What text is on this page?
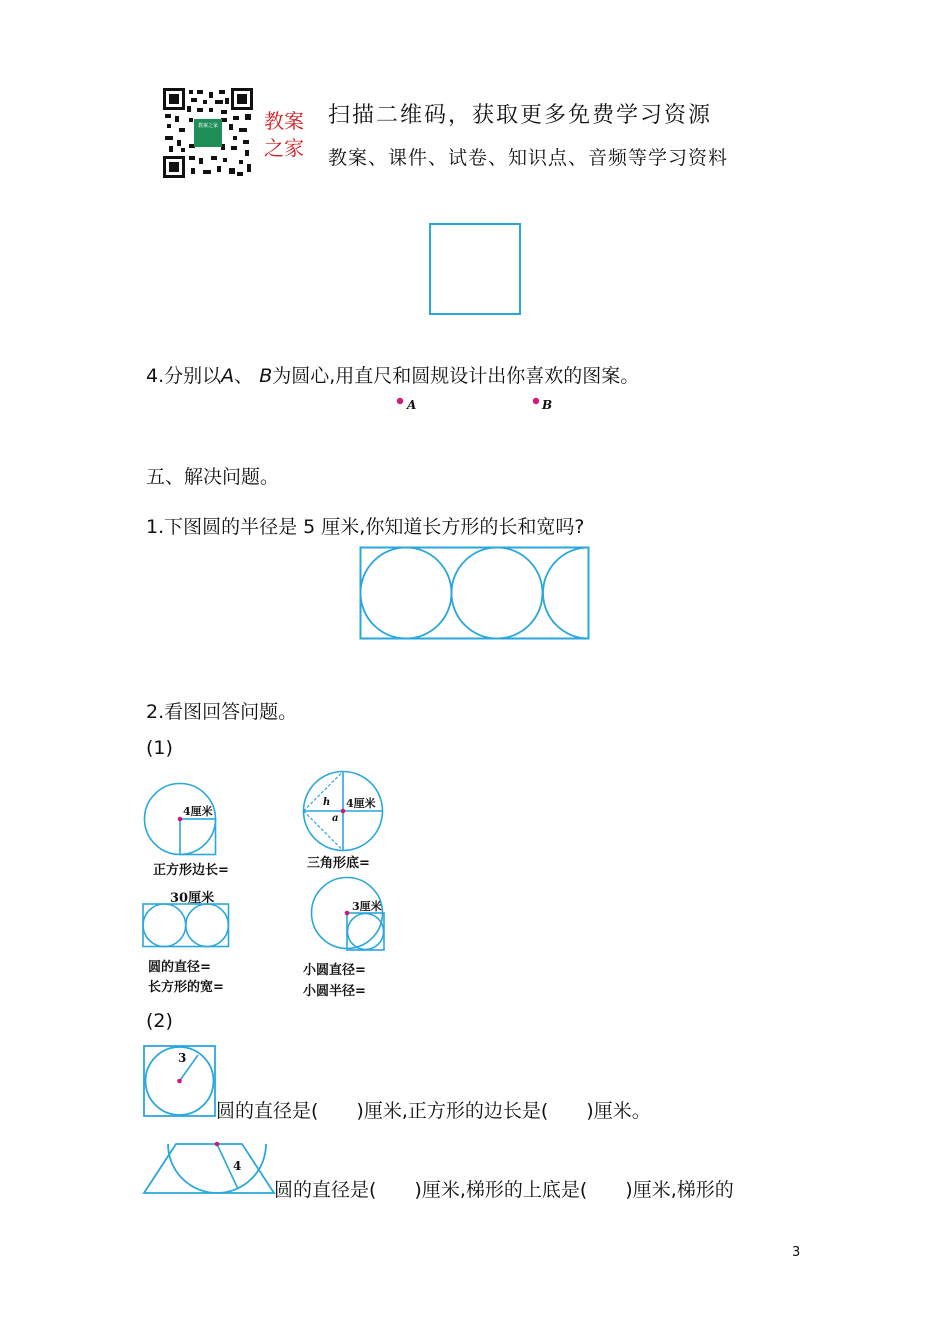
教案之家 教案
之家
扫描二维码，获取更多免费学习资源
教案、课件、试卷、知识点、音频等学习资料
4.分别以A、 B为圆心,用直尺和圆规设计出你喜欢的图案。
A	B
五、解决问题。
1.下图圆的半径是 5 厘米,你知道长方形的长和宽吗?
2.看图回答问题。
(1)
4厘米
正方形边长=
4厘米
h
a
三角形底=
30厘米
圆的直径=
长方形的宽=
3厘米
小圆直径=
小圆半径=
(2)
3
圆的直径是(　　)厘米,正方形的边长是(　　)厘米。
4
圆的直径是(　　)厘米,梯形的上底是(　　)厘米,梯形的
3
